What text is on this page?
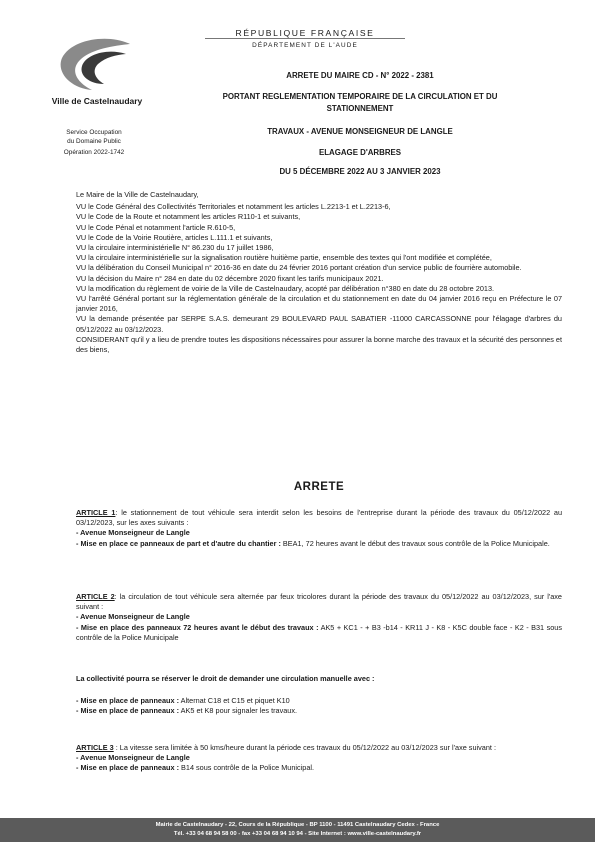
Ville de Castelnaudary
Service Occupation
du Domaine Public
Opération 2022-1742
RÉPUBLIQUE FRANÇAISE
DÉPARTEMENT DE L'AUDE
ARRETE DU MAIRE CD - N° 2022 - 2381
PORTANT REGLEMENTATION TEMPORAIRE DE LA CIRCULATION ET DU
STATIONNEMENT
TRAVAUX - AVENUE MONSEIGNEUR DE LANGLE
ELAGAGE D'ARBRES
DU 5 DÉCEMBRE 2022 AU 3 JANVIER 2023

Le Maire de la Ville de Castelnaudary,

VU le Code Général des Collectivités Territoriales et notamment les articles L.2213-1 et L.2213-6,

VU le Code de la Route et notamment les articles R110-1 et suivants,

VU le Code Pénal et notamment l'article R.610-5,

VU le Code de la Voirie Routière, articles L.111.1 et suivants,

VU la circulaire interministérielle N° 86.230 du 17 juillet 1986,

VU la circulaire interministérielle sur la signalisation routière huitième partie, ensemble des textes qui l'ont modifiée et complétée,

VU la délibération du Conseil Municipal n° 2016-36 en date du 24 février 2016 portant création d'un service public de fourrière automobile.

VU la décision du Maire n° 284 en date du 02 décembre 2020 fixant les tarifs municipaux 2021.

VU la modification du règlement de voirie de la Ville de Castelnaudary, acopté par délibération n°380 en date du 28 octobre 2013.

VU l'arrêté Général portant sur la réglementation générale de la circulation et du stationnement en date du 04 janvier 2016 reçu en Préfecture le 07 janvier 2016,

VU la demande présentée par SERPE S.A.S. demeurant 29 BOULEVARD PAUL SABATIER -11000 CARCASSONNE pour l'élagage d'arbres du 05/12/2022 au 03/12/2023.

CONSIDERANT qu'il y a lieu de prendre toutes les dispositions nécessaires pour assurer la bonne marche des travaux et la sécurité des personnes et des biens,

ARRETE

ARTICLE 1: le stationnement de tout véhicule sera interdit selon les besoins de l'entreprise durant la période des travaux du 05/12/2022 au 03/12/2023, sur les axes suivants :

- Avenue Monseigneur de Langle

- Mise en place ce panneaux de part et d'autre du chantier : BEA1, 72 heures avant le début des travaux sous contrôle de la Police Municipale.

ARTICLE 2: la circulation de tout véhicule sera alternée par feux tricolores durant la période des travaux du 05/12/2022 au 03/12/2023, sur l'axe suivant :

- Avenue Monseigneur de Langle

- Mise en place des panneaux 72 heures avant le début des travaux : AK5 + KC1 - + B3 -b14 - KR11 J - K8 - K5C double face - K2 - B31 sous contrôle de la Police Municipale

La collectivité pourra se réserver le droit de demander une circulation manuelle avec :

- Mise en place de panneaux : Alternat C18 et C15 et piquet K10

- Mise en place de panneaux : AK5 et K8 pour signaler les travaux.

ARTICLE 3 : La vitesse sera limitée à 50 kms/heure durant la période ces travaux du 05/12/2022 au 03/12/2023 sur l'axe suivant :

- Avenue Monseigneur de Langle

- Mise en place de panneaux : B14 sous contrôle de la Police Municipal.

Mairie de Castelnaudary - 22, Cours de la République - BP 1100 - 11491 Castelnaudary Cedex - France
Tél. +33 04 68 94 58 00 - fax +33 04 68 94 10 94 - Site Internet : www.ville-castelnaudary.fr
